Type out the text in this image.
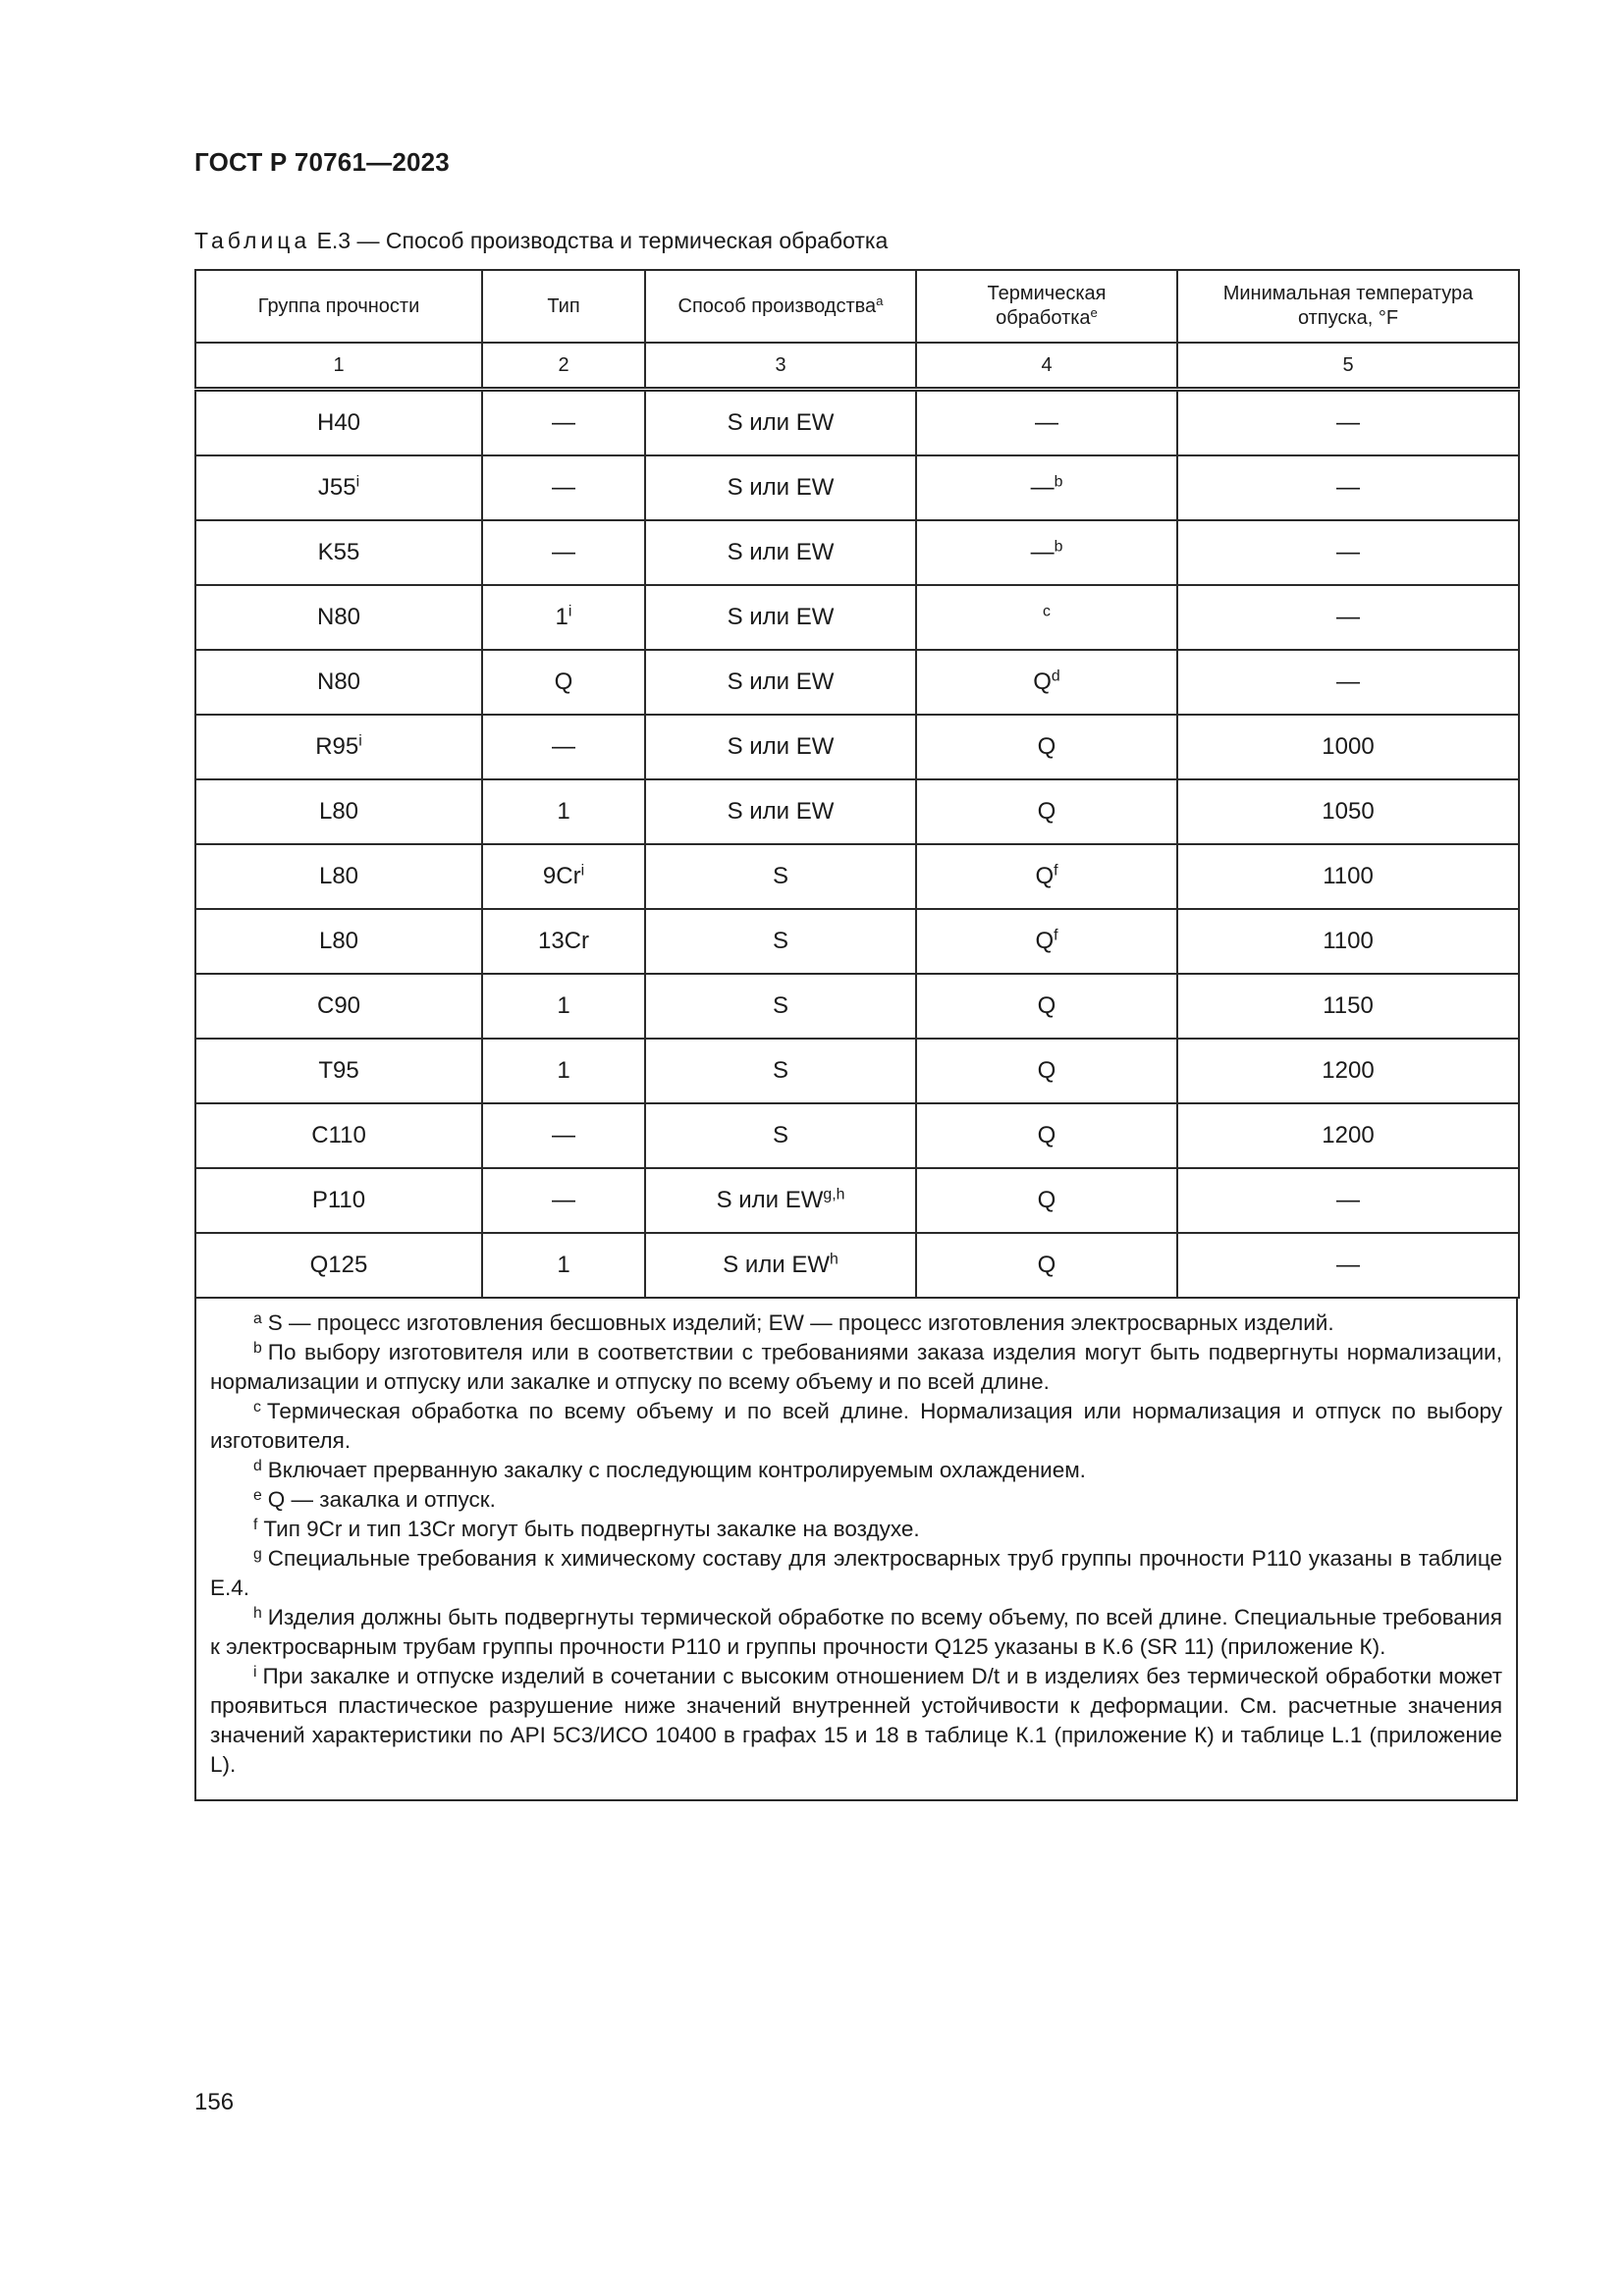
ГОСТ Р 70761—2023
Таблица Е.3 — Способ производства и термическая обработка
Группа прочности	Тип	Способ производства$^a$	Термическая обработка$^e$	Минимальная температура отпуска, °F
1	2	3	4	5
H40	—	S или EW	—	—
J55$^i$	—	S или EW	—$^b$	—
K55	—	S или EW	—$^b$	—
N80	1$^i$	S или EW	$^c$	—
N80	Q	S или EW	$Q^d$	—
R95$^i$	—	S или EW	Q	1000
L80	1	S или EW	Q	1050
L80	9Cr$^i$	S	$Q^f$	1100
L80	13Cr	S	$Q^f$	1100
C90	1	S	Q	1150
T95	1	S	Q	1200
C110	—	S	Q	1200
P110	—	S или EW$^{g,h}$	Q	—
Q125	1	S или $EW^h$	Q	—

$^a$ S — процесс изготовления бесшовных изделий; EW — процесс изготовления электросварных изделий.

$^b$ По выбору изготовителя или в соответствии с требованиями заказа изделия могут быть подвергнуты нормализации, нормализации и отпуску или закалке и отпуску по всему объему и по всей длине.

$^c$ Термическая обработка по всему объему и по всей длине. Нормализация или нормализация и отпуск по выбору изготовителя.

$^d$ Включает прерванную закалку с последующим контролируемым охлаждением.

$^e$ Q — закалка и отпуск.

$^f$ Тип 9Cr и тип 13Cr могут быть подвергнуты закалке на воздухе.

$^g$ Специальные требования к химическому составу для электросварных труб группы прочности P110 указаны в таблице Е.4.

$^h$ Изделия должны быть подвергнуты термической обработке по всему объему, по всей длине. Специальные требования к электросварным трубам группы прочности P110 и группы прочности Q125 указаны в К.6 (SR 11) (приложение К).

$^i$ При закалке и отпуске изделий в сочетании с высоким отношением D/t и в изделиях без термической обработки может проявиться пластическое разрушение ниже значений внутренней устойчивости к деформации. См. расчетные значения значений характеристики по API 5C3/ИСО 10400 в графах 15 и 18 в таблице К.1 (приложение К) и таблице L.1 (приложение L).

156
